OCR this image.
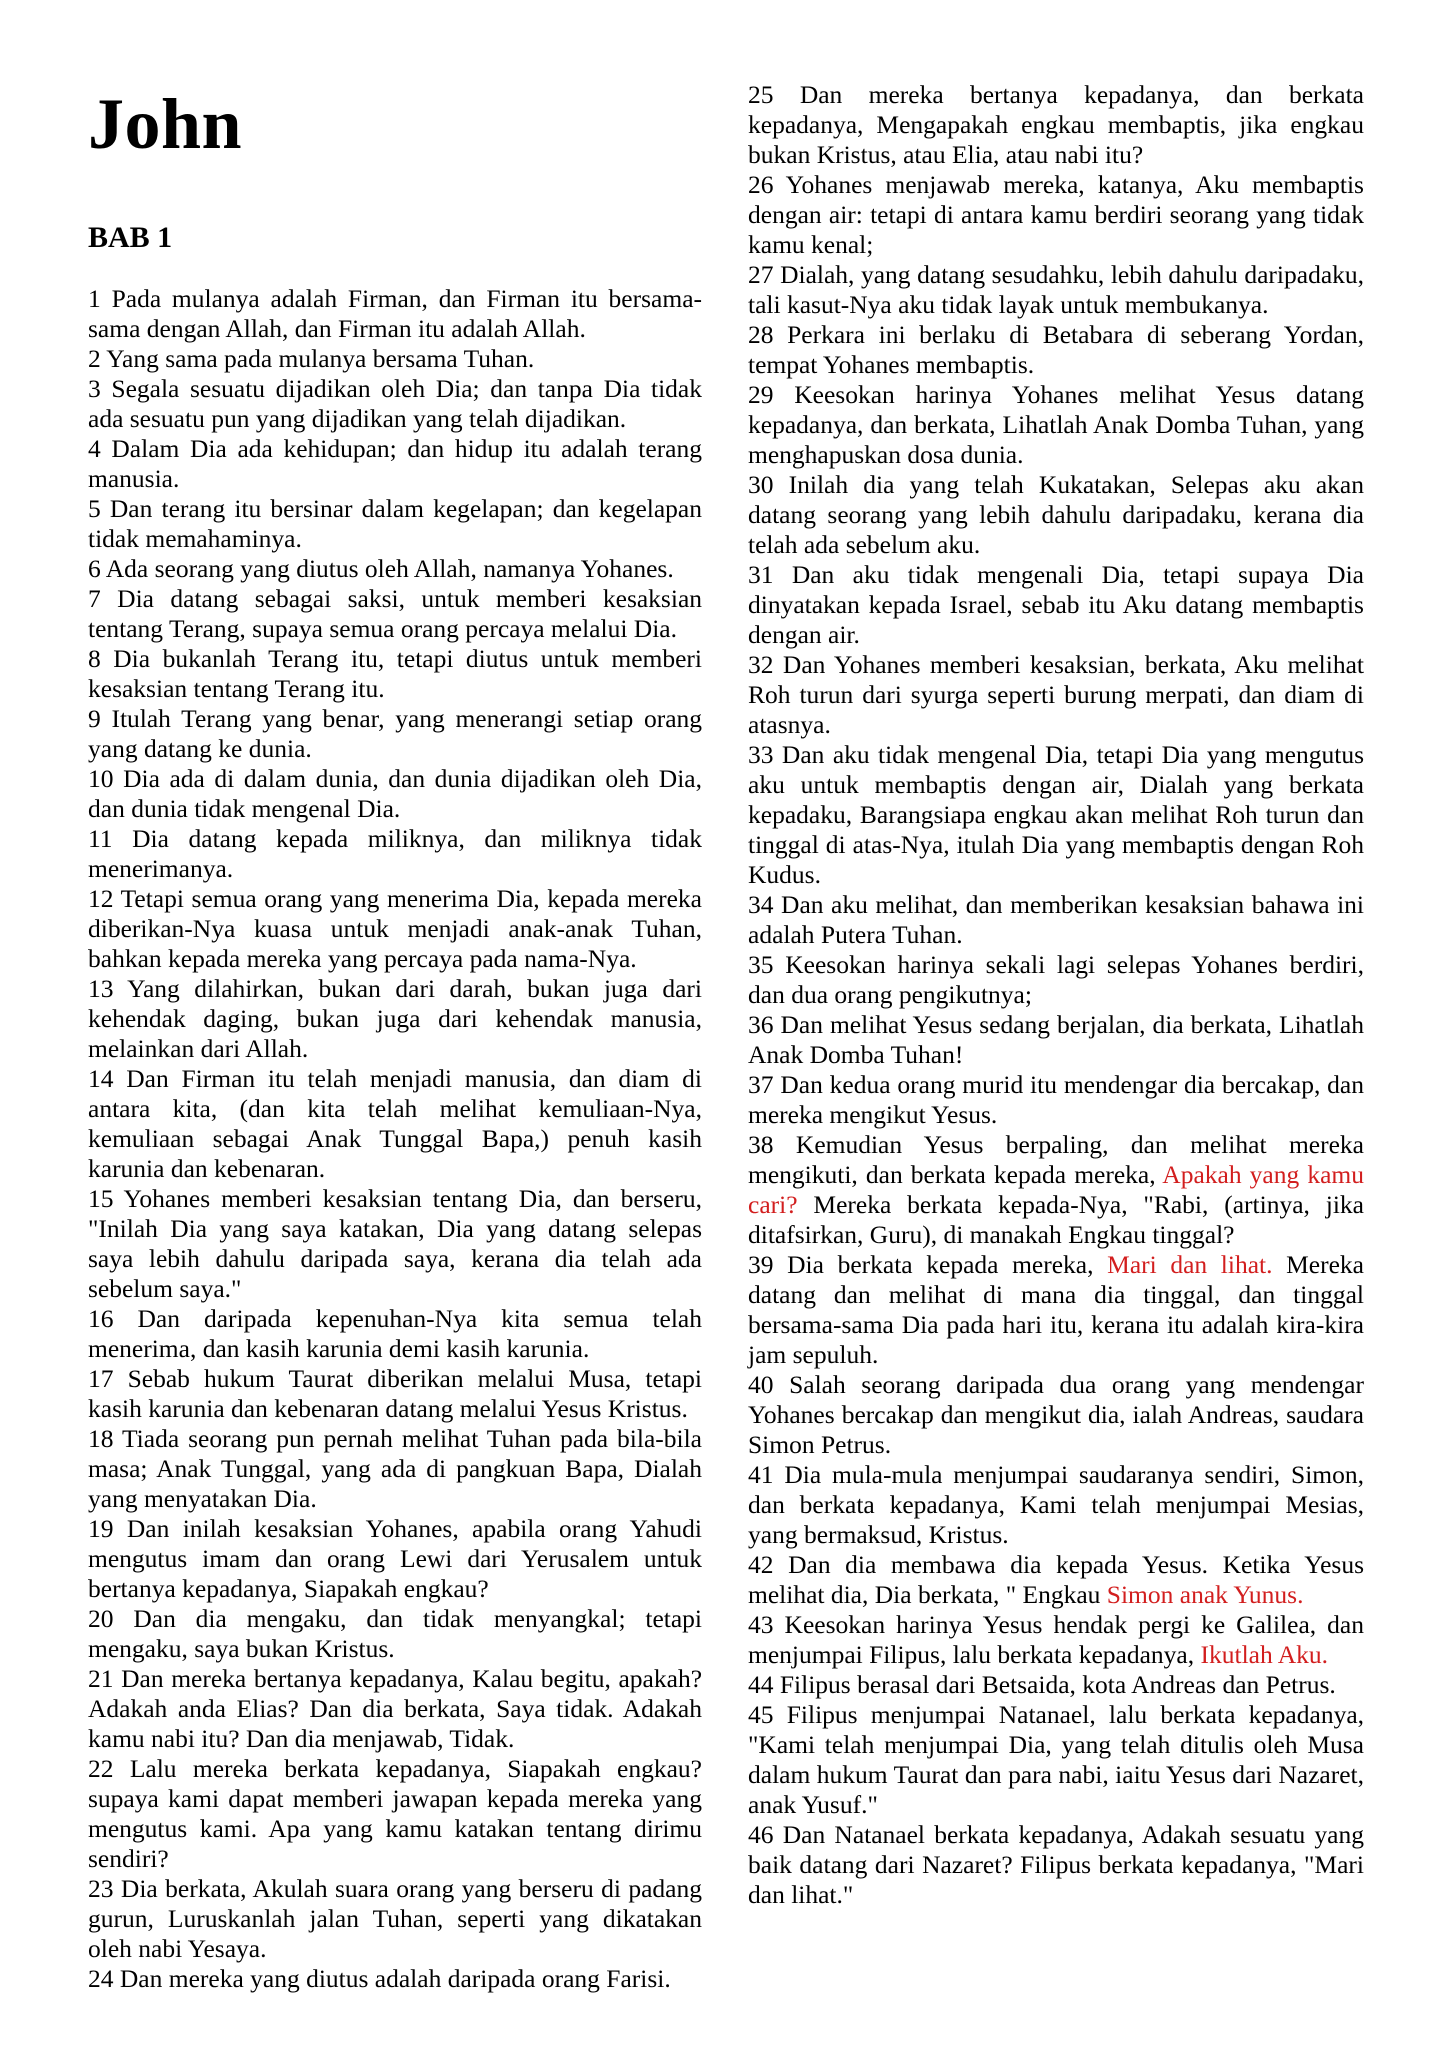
John
BAB 1

1 Pada mulanya adalah Firman, dan Firman itu bersama-sama dengan Allah, dan Firman itu adalah Allah.

2 Yang sama pada mulanya bersama Tuhan.

3 Segala sesuatu dijadikan oleh Dia; dan tanpa Dia tidak ada sesuatu pun yang dijadikan yang telah dijadikan.

4 Dalam Dia ada kehidupan; dan hidup itu adalah terang manusia.

5 Dan terang itu bersinar dalam kegelapan; dan kegelapan tidak memahaminya.

6 Ada seorang yang diutus oleh Allah, namanya Yohanes.

7 Dia datang sebagai saksi, untuk memberi kesaksian tentang Terang, supaya semua orang percaya melalui Dia.

8 Dia bukanlah Terang itu, tetapi diutus untuk memberi kesaksian tentang Terang itu.

9 Itulah Terang yang benar, yang menerangi setiap orang yang datang ke dunia.

10 Dia ada di dalam dunia, dan dunia dijadikan oleh Dia, dan dunia tidak mengenal Dia.

11 Dia datang kepada miliknya, dan miliknya tidak menerimanya.

12 Tetapi semua orang yang menerima Dia, kepada mereka diberikan-Nya kuasa untuk menjadi anak-anak Tuhan, bahkan kepada mereka yang percaya pada nama-Nya.

13 Yang dilahirkan, bukan dari darah, bukan juga dari kehendak daging, bukan juga dari kehendak manusia, melainkan dari Allah.

14 Dan Firman itu telah menjadi manusia, dan diam di antara kita, (dan kita telah melihat kemuliaan-Nya, kemuliaan sebagai Anak Tunggal Bapa,) penuh kasih karunia dan kebenaran.

15 Yohanes memberi kesaksian tentang Dia, dan berseru, "Inilah Dia yang saya katakan, Dia yang datang selepas saya lebih dahulu daripada saya, kerana dia telah ada sebelum saya."

16 Dan daripada kepenuhan-Nya kita semua telah menerima, dan kasih karunia demi kasih karunia.

17 Sebab hukum Taurat diberikan melalui Musa, tetapi kasih karunia dan kebenaran datang melalui Yesus Kristus.

18 Tiada seorang pun pernah melihat Tuhan pada bila-bila masa; Anak Tunggal, yang ada di pangkuan Bapa, Dialah yang menyatakan Dia.

19 Dan inilah kesaksian Yohanes, apabila orang Yahudi mengutus imam dan orang Lewi dari Yerusalem untuk bertanya kepadanya, Siapakah engkau?

20 Dan dia mengaku, dan tidak menyangkal; tetapi mengaku, saya bukan Kristus.

21 Dan mereka bertanya kepadanya, Kalau begitu, apakah? Adakah anda Elias? Dan dia berkata, Saya tidak. Adakah kamu nabi itu? Dan dia menjawab, Tidak.

22 Lalu mereka berkata kepadanya, Siapakah engkau? supaya kami dapat memberi jawapan kepada mereka yang mengutus kami. Apa yang kamu katakan tentang dirimu sendiri?

23 Dia berkata, Akulah suara orang yang berseru di padang gurun, Luruskanlah jalan Tuhan, seperti yang dikatakan oleh nabi Yesaya.

24 Dan mereka yang diutus adalah daripada orang Farisi.

25 Dan mereka bertanya kepadanya, dan berkata kepadanya, Mengapakah engkau membaptis, jika engkau bukan Kristus, atau Elia, atau nabi itu?

26 Yohanes menjawab mereka, katanya, Aku membaptis dengan air: tetapi di antara kamu berdiri seorang yang tidak kamu kenal;

27 Dialah, yang datang sesudahku, lebih dahulu daripadaku, tali kasut-Nya aku tidak layak untuk membukanya.

28 Perkara ini berlaku di Betabara di seberang Yordan, tempat Yohanes membaptis.

29 Keesokan harinya Yohanes melihat Yesus datang kepadanya, dan berkata, Lihatlah Anak Domba Tuhan, yang menghapuskan dosa dunia.

30 Inilah dia yang telah Kukatakan, Selepas aku akan datang seorang yang lebih dahulu daripadaku, kerana dia telah ada sebelum aku.

31 Dan aku tidak mengenali Dia, tetapi supaya Dia dinyatakan kepada Israel, sebab itu Aku datang membaptis dengan air.

32 Dan Yohanes memberi kesaksian, berkata, Aku melihat Roh turun dari syurga seperti burung merpati, dan diam di atasnya.

33 Dan aku tidak mengenal Dia, tetapi Dia yang mengutus aku untuk membaptis dengan air, Dialah yang berkata kepadaku, Barangsiapa engkau akan melihat Roh turun dan tinggal di atas-Nya, itulah Dia yang membaptis dengan Roh Kudus.

34 Dan aku melihat, dan memberikan kesaksian bahawa ini adalah Putera Tuhan.

35 Keesokan harinya sekali lagi selepas Yohanes berdiri, dan dua orang pengikutnya;

36 Dan melihat Yesus sedang berjalan, dia berkata, Lihatlah Anak Domba Tuhan!

37 Dan kedua orang murid itu mendengar dia bercakap, dan mereka mengikut Yesus.

38 Kemudian Yesus berpaling, dan melihat mereka mengikuti, dan berkata kepada mereka, Apakah yang kamu cari? Mereka berkata kepada-Nya, "Rabi, (artinya, jika ditafsirkan, Guru), di manakah Engkau tinggal?

39 Dia berkata kepada mereka, Mari dan lihat. Mereka datang dan melihat di mana dia tinggal, dan tinggal bersama-sama Dia pada hari itu, kerana itu adalah kira-kira jam sepuluh.

40 Salah seorang daripada dua orang yang mendengar Yohanes bercakap dan mengikut dia, ialah Andreas, saudara Simon Petrus.

41 Dia mula-mula menjumpai saudaranya sendiri, Simon, dan berkata kepadanya, Kami telah menjumpai Mesias, yang bermaksud, Kristus.

42 Dan dia membawa dia kepada Yesus. Ketika Yesus melihat dia, Dia berkata, " Engkau Simon anak Yunus.

43 Keesokan harinya Yesus hendak pergi ke Galilea, dan menjumpai Filipus, lalu berkata kepadanya, Ikutlah Aku.

44 Filipus berasal dari Betsaida, kota Andreas dan Petrus.

45 Filipus menjumpai Natanael, lalu berkata kepadanya, "Kami telah menjumpai Dia, yang telah ditulis oleh Musa dalam hukum Taurat dan para nabi, iaitu Yesus dari Nazaret, anak Yusuf."

46 Dan Natanael berkata kepadanya, Adakah sesuatu yang baik datang dari Nazaret? Filipus berkata kepadanya, "Mari dan lihat."
